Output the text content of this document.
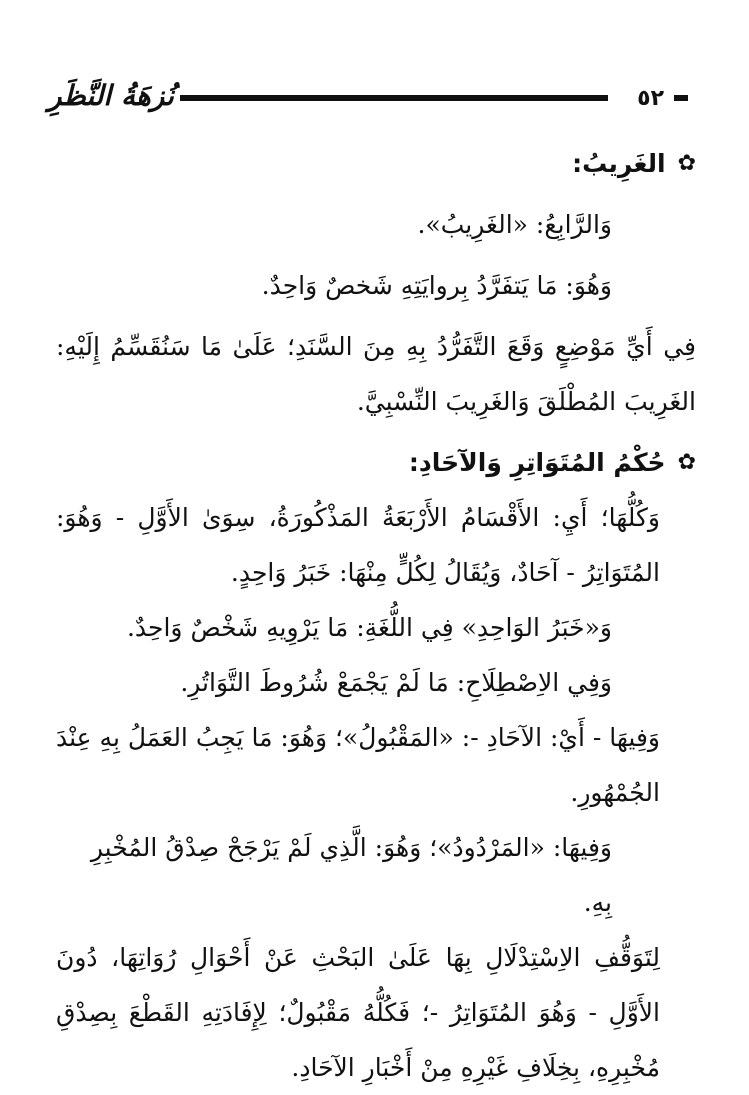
نُزهَةُ النَّظَرِ	٥٢
✿
الغَرِيبُ:

وَالرَّابِعُ: «الغَرِيبُ».

وَهُوَ: مَا يَتفَرَّدُ بِروايَتِهِ شَخصٌ وَاحِدٌ.

فِي أَيِّ مَوْضِعٍ وَقَعَ التَّفَرُّدُ بِهِ مِنَ السَّنَدِ؛ عَلَىٰ مَا سَنُقَسِّمُ إِلَيْهِ: الغَرِيبَ المُطْلَقَ وَالغَرِيبَ النِّسْبِيَّ.

✿
حُكْمُ المُتَوَاتِرِ وَالآحَادِ:

وَكُلُّهَا؛ أَيِ: الأَقْسَامُ الأَرْبَعَةُ المَذْكُورَةُ، سِوَىٰ الأَوَّلِ - وَهُوَ: المُتَوَاتِرُ - آحَادٌ، وَيُقَالُ لِكُلٍّ مِنْهَا: خَبَرُ وَاحِدٍ.

وَ«خَبَرُ الوَاحِدِ» فِي اللُّغَةِ: مَا يَرْوِيهِ شَخْصٌ وَاحِدٌ.

وَفِي الاِصْطِلَاحِ: مَا لَمْ يَجْمَعْ شُرُوطَ التَّوَاتُرِ.

وَفِيهَا - أَيْ: الآحَادِ -: «المَقْبُولُ»؛ وَهُوَ: مَا يَجِبُ العَمَلُ بِهِ عِنْدَ الجُمْهُورِ.

وَفِيهَا: «المَرْدُودُ»؛ وَهُوَ: الَّذِي لَمْ يَرْجَحْ صِدْقُ المُخْبِرِ بِهِ.

لِتَوَقُّفِ الاِسْتِدْلَالِ بِهَا عَلَىٰ البَحْثِ عَنْ أَحْوَالِ رُوَاتِهَا، دُونَ الأَوَّلِ - وَهُوَ المُتَوَاتِرُ -؛ فَكُلُّهُ مَقْبُولٌ؛ لِإِفَادَتِهِ القَطْعَ بِصِدْقِ مُخْبِرِهِ، بِخِلَافِ غَيْرِهِ مِنْ أَخْبَارِ الآحَادِ.
